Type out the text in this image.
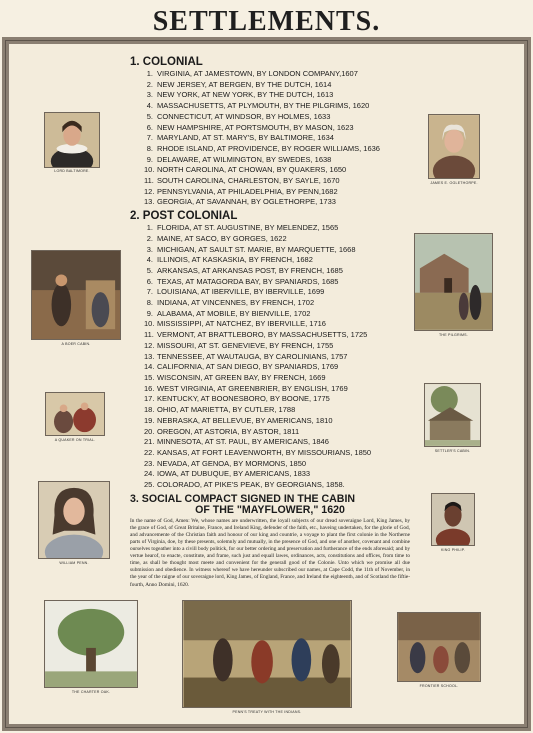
SETTLEMENTS.
1. COLONIAL
1. VIRGINIA, AT JAMESTOWN, BY LONDON COMPANY,1607
2. NEW JERSEY, AT BERGEN, BY THE DUTCH, 1614
3. NEW YORK, AT NEW YORK, BY THE DUTCH, 1613
4. MASSACHUSETTS, AT PLYMOUTH, BY THE PILGRIMS, 1620
5. CONNECTICUT, AT WINDSOR, BY HOLMES, 1633
6. NEW HAMPSHIRE, AT PORTSMOUTH, BY MASON, 1623
7. MARYLAND, AT ST. MARY'S, BY BALTIMORE, 1634
8. RHODE ISLAND, AT PROVIDENCE, BY ROGER WILLIAMS, 1636
9. DELAWARE, AT WILMINGTON, BY SWEDES, 1638
10. NORTH CAROLINA, AT CHOWAN, BY QUAKERS, 1650
11. SOUTH CAROLINA, CHARLESTON, BY SAYLE, 1670
12. PENNSYLVANIA, AT PHILADELPHIA, BY PENN,1682
13. GEORGIA, AT SAVANNAH, BY OGLETHORPE, 1733
2. POST COLONIAL
1. FLORIDA, AT ST. AUGUSTINE, BY MELENDEZ, 1565
2. MAINE, AT SACO, BY GORGES, 1622
3. MICHIGAN, AT SAULT ST. MARIE, BY MARQUETTE, 1668
4. ILLINOIS, AT KASKASKIA, BY FRENCH, 1682
5. ARKANSAS, AT ARKANSAS POST, BY FRENCH, 1685
6. TEXAS, AT MATAGORDA BAY, BY SPANIARDS, 1685
7. LOUISIANA, AT IBERVILLE, BY IBERVILLE, 1699
8. INDIANA, AT VINCENNES, BY FRENCH, 1702
9. ALABAMA, AT MOBILE, BY BIENVILLE, 1702
10. MISSISSIPPI, AT NATCHEZ, BY IBERVILLE, 1716
11. VERMONT, AT BRATTLEBORO, BY MASSACHUSETTS, 1725
12. MISSOURI, AT ST. GENEVIEVE, BY FRENCH, 1755
13. TENNESSEE, AT WAUTAUGA, BY CAROLINIANS, 1757
14. CALIFORNIA, AT SAN DIEGO, BY SPANIARDS, 1769
15. WISCONSIN, AT GREEN BAY, BY FRENCH, 1669
16. WEST VIRGINIA, AT GREENBRIER, BY ENGLISH, 1769
17. KENTUCKY, AT BOONESBORO, BY BOONE, 1775
18. OHIO, AT MARIETTA, BY CUTLER, 1788
19. NEBRASKA, AT BELLEVUE, BY AMERICANS, 1810
20. OREGON, AT ASTORIA, BY ASTOR, 1811
21. MINNESOTA, AT ST. PAUL, BY AMERICANS, 1846
22. KANSAS, AT FORT LEAVENWORTH, BY MISSOURIANS, 1850
23. NEVADA, AT GENOA, BY MORMONS, 1850
24. IOWA, AT DUBUQUE, BY AMERICANS, 1833
25. COLORADO, AT PIKE'S PEAK, BY GEORGIANS, 1858.
3. SOCIAL COMPACT SIGNED IN THE CABIN
OF THE "MAYFLOWER," 1620
In the name of God, Amen: We, whose names are underwritten, the loyall subjects of our dread soveraigne Lord, King James, by the grace of God, of Great Britaine, France, and Ireland King, defender of the faith, etc., haveing undertaken, for the glorie of God, and advancemente of the Christian faith and honour of our king and countrie, a voyage to plant the first colonie in the Northerne parts of Virginia, doe, by these presents, solemnly and mutually, in the presence of God, and one of another, covenant and combine ourselves togeather into a civill body politick, for our better ordering and preservation and furtherance of the ends aforesaid; and by vertue hearof, to enacte, constitute, and frame, such just and equall lawes, ordinances, acts, constitutions and offices, from time to time, as shall be thought most meete and convenient for the generall good of the Colonie. Unto which we promise all due submission and obedience. In witness whereof we have hereunder subscribed our names, at Cape Codd, the 11th of November, in the year of the raigne of our soveraigne lord, King James, of England, France, and Ireland the eighteenth, and of Scotland the fiftie-fourth, Anno Domini, 1620.
LORD BALTIMORE.
JAMES E. OGLETHORPE.
A BOER CABIN.
THE PILGRIMS.
A QUAKER ON TRIAL.
SETTLER'S CABIN.
WILLIAM PENN.
KING PHILIP.
THE CHARTER OAK.
PENN'S TREATY WITH THE INDIANS.
FRONTIER SCHOOL.
